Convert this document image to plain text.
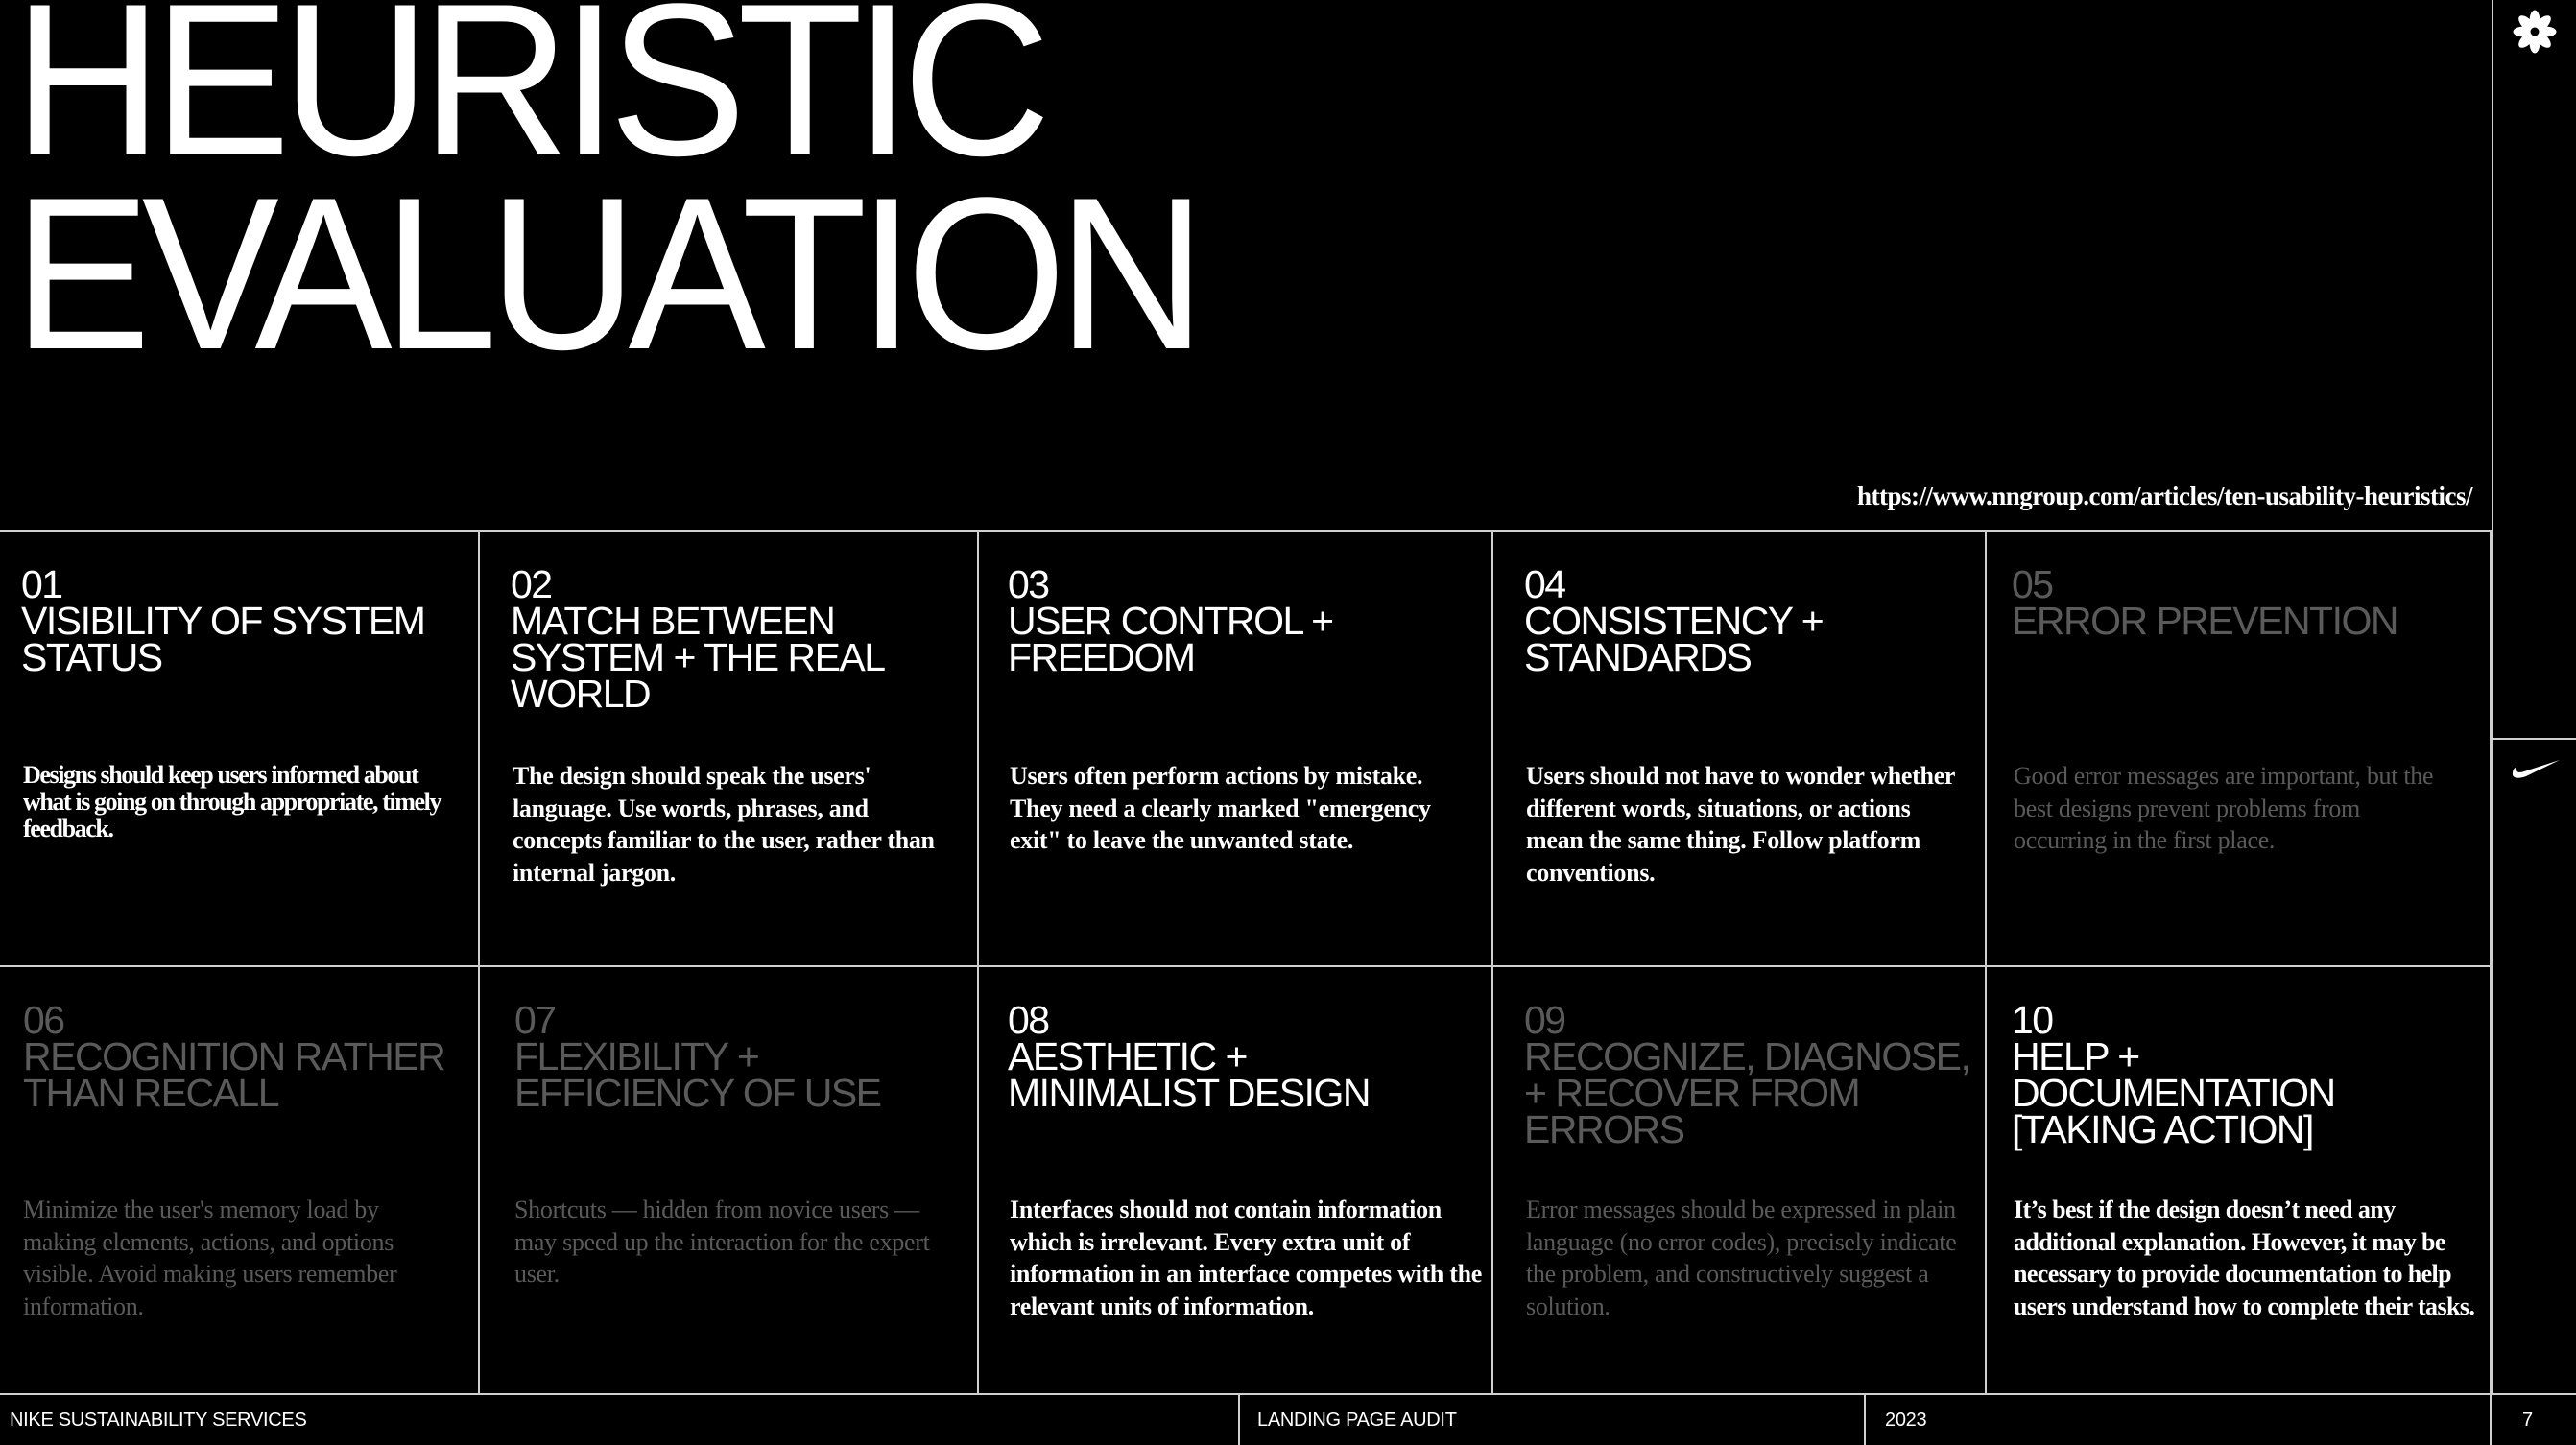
HEURISTIC
EVALUATION
https://www.nngroup.com/articles/ten-usability-heuristics/
01
VISIBILITY OF SYSTEM
STATUS
Designs should keep users informed about what is going on through appropriate, timely feedback.
02
MATCH BETWEEN
SYSTEM + THE REAL
WORLD
The design should speak the users' language. Use words, phrases, and concepts familiar to the user, rather than internal jargon.
03
USER CONTROL +
FREEDOM
Users often perform actions by mistake. They need a clearly marked "emergency exit" to leave the unwanted state.
04
CONSISTENCY +
STANDARDS
Users should not have to wonder whether different words, situations, or actions mean the same thing. Follow platform conventions.
05
ERROR PREVENTION
Good error messages are important, but the best designs prevent problems from occurring in the first place.
06
RECOGNITION RATHER
THAN RECALL
Minimize the user's memory load by making elements, actions, and options visible. Avoid making users remember information.
07
FLEXIBILITY +
EFFICIENCY OF USE
Shortcuts — hidden from novice users — may speed up the interaction for the expert user.
08
AESTHETIC +
MINIMALIST DESIGN
Interfaces should not contain information which is irrelevant. Every extra unit of information in an interface competes with the relevant units of information.
09
RECOGNIZE, DIAGNOSE,
+ RECOVER FROM
ERRORS
Error messages should be expressed in plain language (no error codes), precisely indicate the problem, and constructively suggest a solution.
10
HELP +
DOCUMENTATION
[TAKING ACTION]
It’s best if the design doesn’t need any additional explanation. However, it may be necessary to provide documentation to help users understand how to complete their tasks.
NIKE SUSTAINABILITY SERVICES	LANDING PAGE AUDIT	2023	7
